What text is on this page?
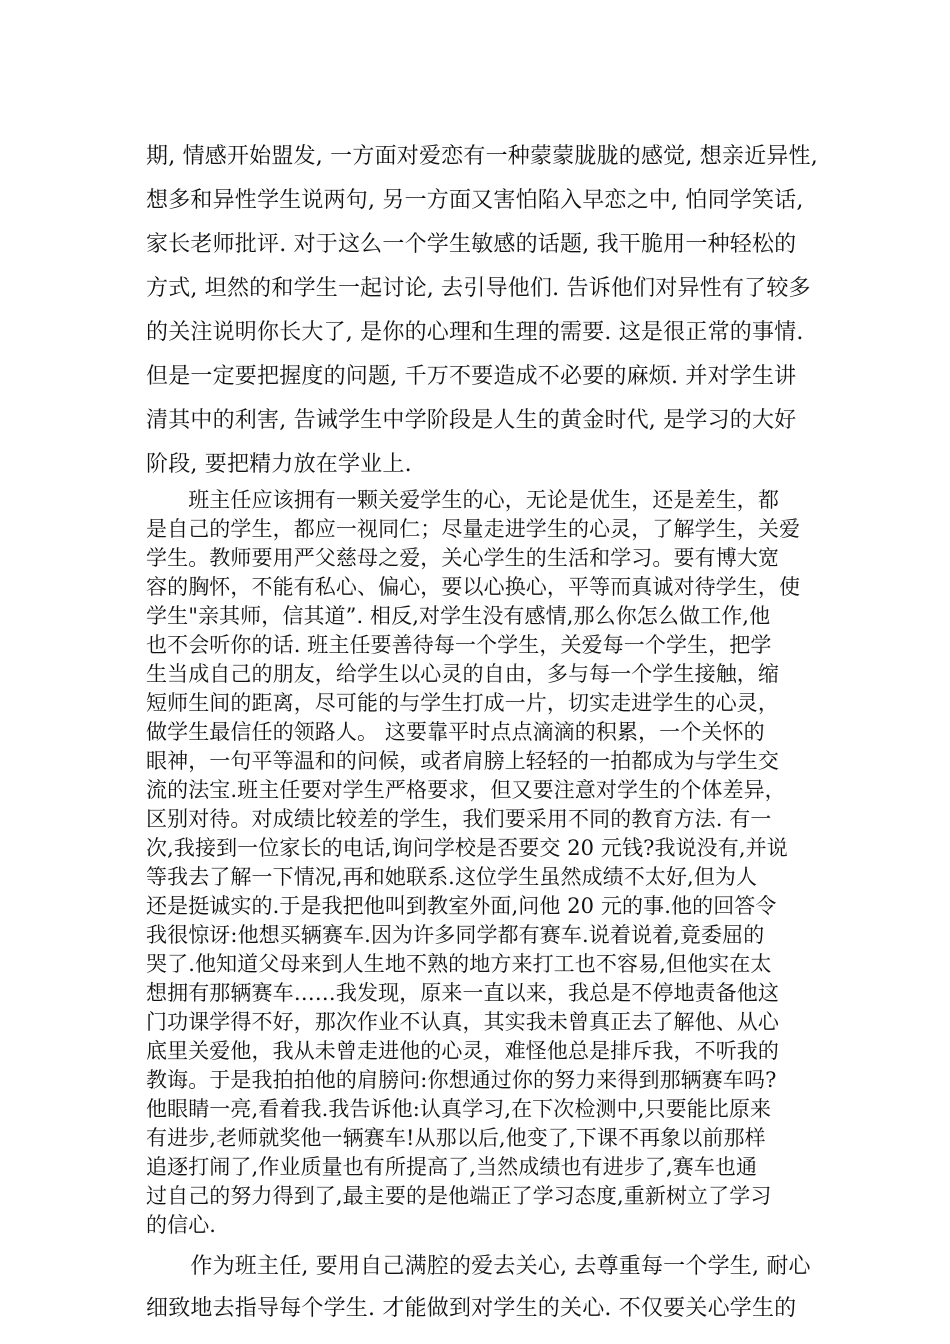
期, 情感开始盟发, 一方面对爱恋有一种蒙蒙胧胧的感觉, 想亲近异性,
想多和异性学生说两句, 另一方面又害怕陷入早恋之中, 怕同学笑话,
家长老师批评. 对于这么一个学生敏感的话题, 我干脆用一种轻松的
方式, 坦然的和学生一起讨论, 去引导他们. 告诉他们对异性有了较多
的关注说明你长大了, 是你的心理和生理的需要. 这是很正常的事情.
但是一定要把握度的问题, 千万不要造成不必要的麻烦. 并对学生讲
清其中的利害, 告诫学生中学阶段是人生的黄金时代, 是学习的大好
阶段, 要把精力放在学业上.
　　班主任应该拥有一颗关爱学生的心，无论是优生，还是差生，都
是自己的学生，都应一视同仁；尽量走进学生的心灵，了解学生，关爱
学生。教师要用严父慈母之爱，关心学生的生活和学习。要有博大宽
容的胸怀，不能有私心、偏心，要以心换心，平等而真诚对待学生，使
学生"亲其师，信其道”. 相反,对学生没有感情,那么你怎么做工作,他
也不会听你的话. 班主任要善待每一个学生，关爱每一个学生，把学
生当成自己的朋友，给学生以心灵的自由，多与每一个学生接触，缩
短师生间的距离，尽可能的与学生打成一片，切实走进学生的心灵，
做学生最信任的领路人。 这要靠平时点点滴滴的积累，一个关怀的
眼神，一句平等温和的问候，或者肩膀上轻轻的一拍都成为与学生交
流的法宝.班主任要对学生严格要求，但又要注意对学生的个体差异，
区别对待。对成绩比较差的学生，我们要采用不同的教育方法. 有一
次,我接到一位家长的电话,询问学校是否要交 20 元钱?我说没有,并说
等我去了解一下情况,再和她联系.这位学生虽然成绩不太好,但为人
还是挺诚实的.于是我把他叫到教室外面,问他 20 元的事.他的回答令
我很惊讶:他想买辆赛车.因为许多同学都有赛车.说着说着,竟委屈的
哭了.他知道父母来到人生地不熟的地方来打工也不容易,但他实在太
想拥有那辆赛车……我发现，原来一直以来，我总是不停地责备他这
门功课学得不好，那次作业不认真，其实我未曾真正去了解他、从心
底里关爱他，我从未曾走进他的心灵，难怪他总是排斥我，不听我的
教诲。于是我拍拍他的肩膀问:你想通过你的努力来得到那辆赛车吗?
他眼睛一亮,看着我.我告诉他:认真学习,在下次检测中,只要能比原来
有进步,老师就奖他一辆赛车!从那以后,他变了,下课不再象以前那样
追逐打闹了,作业质量也有所提高了,当然成绩也有进步了,赛车也通
过自己的努力得到了,最主要的是他端正了学习态度,重新树立了学习
的信心.
　　作为班主任, 要用自己满腔的爱去关心, 去尊重每一个学生, 耐心
细致地去指导每个学生. 才能做到对学生的关心. 不仅要关心学生的
